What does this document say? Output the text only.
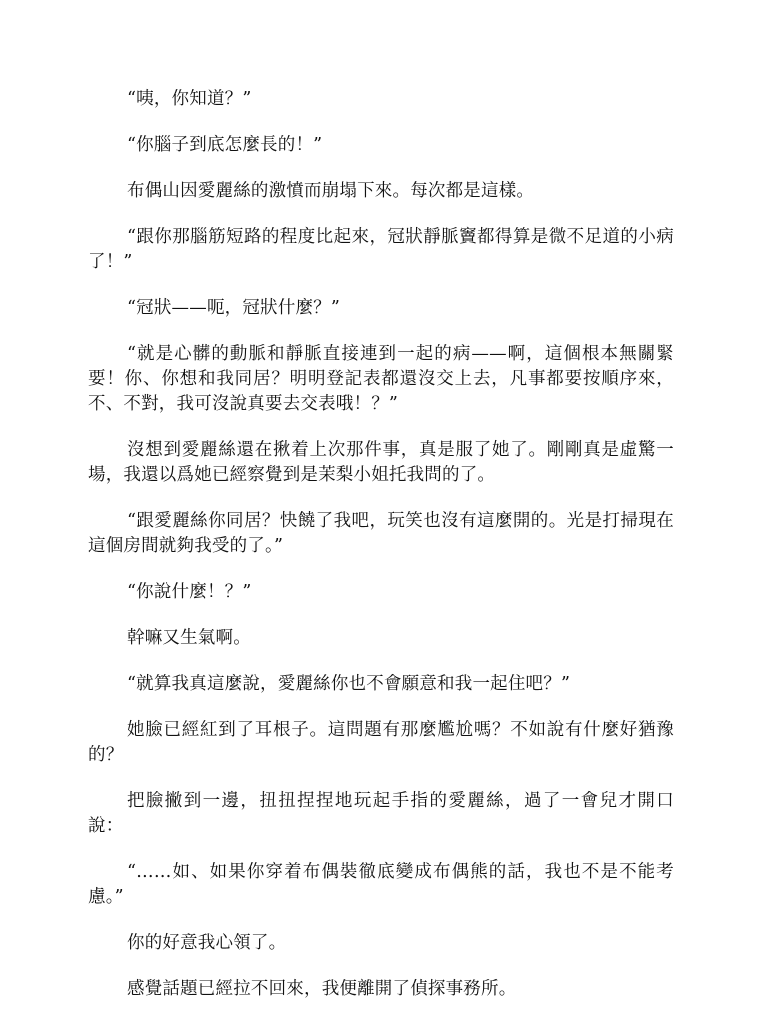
“咦，你知道？”

“你腦子到底怎麼長的！”

布偶山因愛麗絲的激憤而崩塌下來。每次都是這樣。

“跟你那腦筋短路的程度比起來，冠狀靜脈竇都得算是微不足道的小病了！”

“冠狀——呃，冠狀什麼？”

“就是心髒的動脈和靜脈直接連到一起的病——啊，這個根本無關緊要！你、你想和我同居？明明登記表都還沒交上去，凡事都要按順序來，不、不對，我可沒說真要去交表哦！？”

沒想到愛麗絲還在揪着上次那件事，真是服了她了。剛剛真是虛驚一場，我還以爲她已經察覺到是茉梨小姐托我問的了。

“跟愛麗絲你同居？快饒了我吧，玩笑也沒有這麼開的。光是打掃現在這個房間就夠我受的了。”

“你說什麼！？”

幹嘛又生氣啊。

“就算我真這麼說，愛麗絲你也不會願意和我一起住吧？”

她臉已經紅到了耳根子。這問題有那麼尷尬嗎？不如說有什麼好猶豫的？

把臉撇到一邊，扭扭捏捏地玩起手指的愛麗絲，過了一會兒才開口說：

“……如、如果你穿着布偶裝徹底變成布偶熊的話，我也不是不能考慮。”

你的好意我心領了。

感覺話題已經拉不回來，我便離開了偵探事務所。
